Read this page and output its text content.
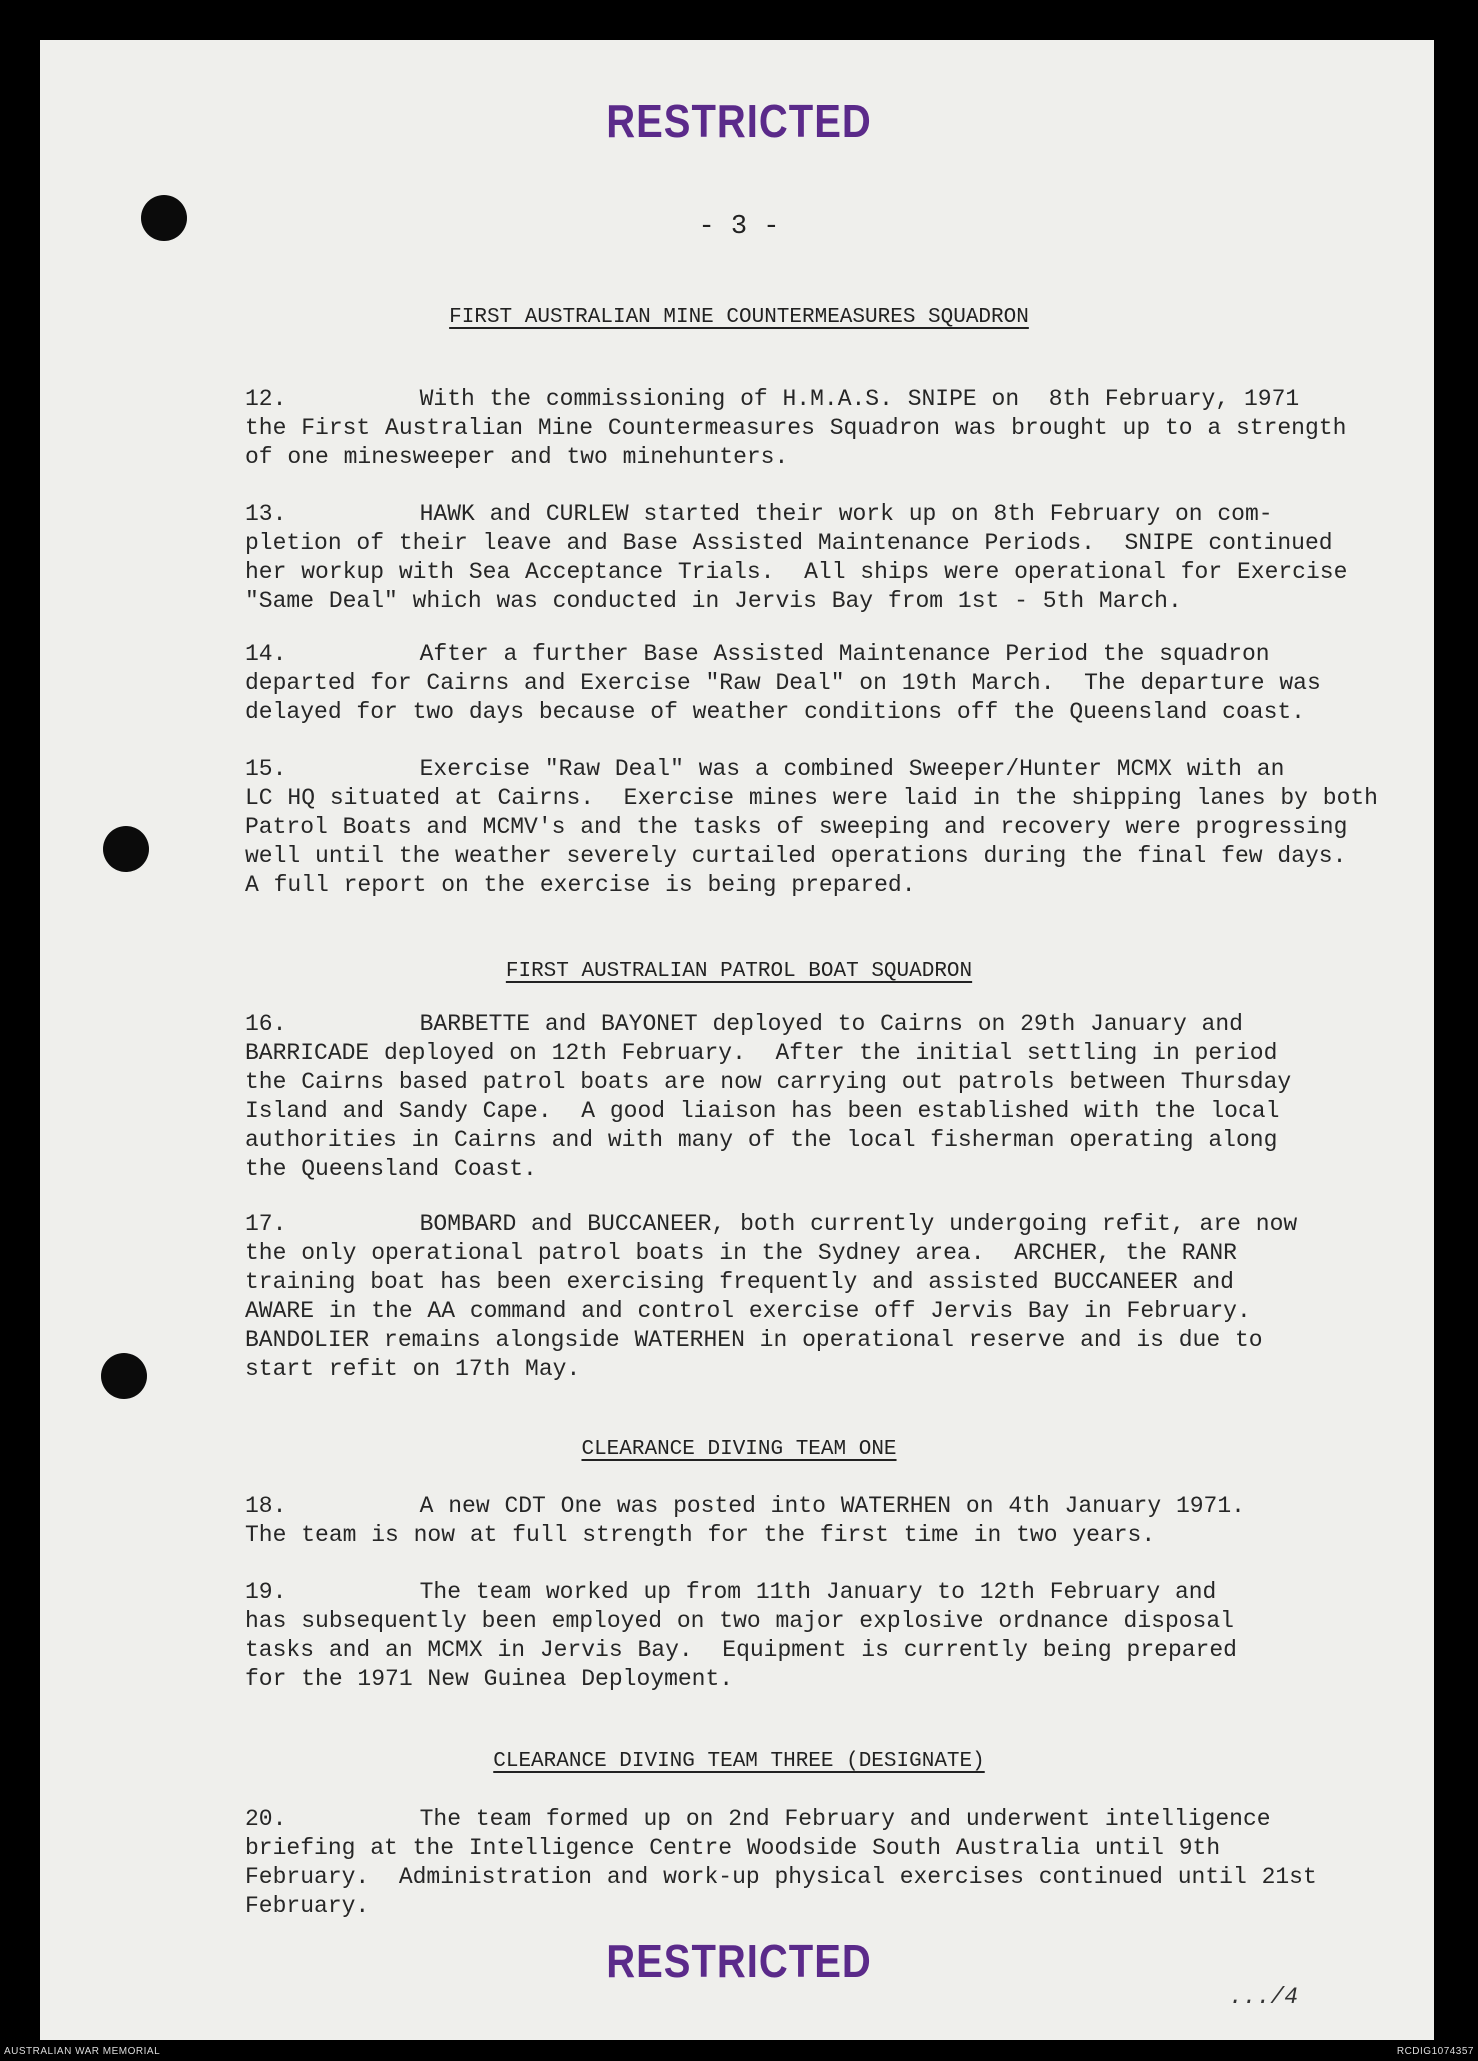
RESTRICTED
- 3 -
FIRST AUSTRALIAN MINE COUNTERMEASURES SQUADRON
12.         With the commissioning of H.M.A.S. SNIPE on  8th February, 1971
the First Australian Mine Countermeasures Squadron was brought up to a strength
of one minesweeper and two minehunters.
13.         HAWK and CURLEW started their work up on 8th February on com-
pletion of their leave and Base Assisted Maintenance Periods.  SNIPE continued
her workup with Sea Acceptance Trials.  All ships were operational for Exercise
"Same Deal" which was conducted in Jervis Bay from 1st - 5th March.
14.         After a further Base Assisted Maintenance Period the squadron
departed for Cairns and Exercise "Raw Deal" on 19th March.  The departure was
delayed for two days because of weather conditions off the Queensland coast.
15.         Exercise "Raw Deal" was a combined Sweeper/Hunter MCMX with an
LC HQ situated at Cairns.  Exercise mines were laid in the shipping lanes by both
Patrol Boats and MCMV's and the tasks of sweeping and recovery were progressing
well until the weather severely curtailed operations during the final few days.
A full report on the exercise is being prepared.
FIRST AUSTRALIAN PATROL BOAT SQUADRON
16.         BARBETTE and BAYONET deployed to Cairns on 29th January and
BARRICADE deployed on 12th February.  After the initial settling in period
the Cairns based patrol boats are now carrying out patrols between Thursday
Island and Sandy Cape.  A good liaison has been established with the local
authorities in Cairns and with many of the local fisherman operating along
the Queensland Coast.
17.         BOMBARD and BUCCANEER, both currently undergoing refit, are now
the only operational patrol boats in the Sydney area.  ARCHER, the RANR
training boat has been exercising frequently and assisted BUCCANEER and
AWARE in the AA command and control exercise off Jervis Bay in February.
BANDOLIER remains alongside WATERHEN in operational reserve and is due to
start refit on 17th May.
CLEARANCE DIVING TEAM ONE
18.         A new CDT One was posted into WATERHEN on 4th January 1971.
The team is now at full strength for the first time in two years.
19.         The team worked up from 11th January to 12th February and
has subsequently been employed on two major explosive ordnance disposal
tasks and an MCMX in Jervis Bay.  Equipment is currently being prepared
for the 1971 New Guinea Deployment.
CLEARANCE DIVING TEAM THREE (DESIGNATE)
20.         The team formed up on 2nd February and underwent intelligence
briefing at the Intelligence Centre Woodside South Australia until 9th
February.  Administration and work-up physical exercises continued until 21st
February.
RESTRICTED
.../4
AUSTRALIAN WAR MEMORIAL	RCDIG1074357
